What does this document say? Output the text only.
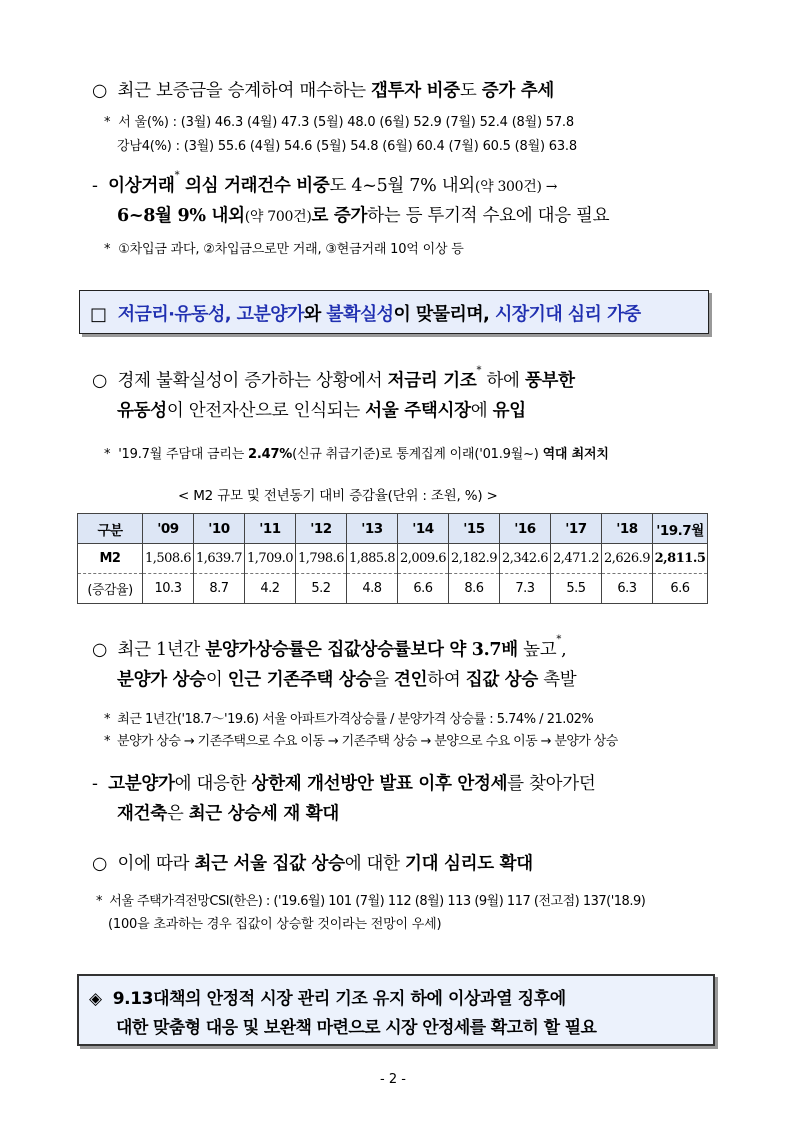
○ 최근 보증금을 승계하여 매수하는 갭투자 비중도 증가 추세
* 서 울(%) : (3월) 46.3 (4월) 47.3 (5월) 48.0 (6월) 52.9 (7월) 52.4 (8월) 57.8
강남4(%) : (3월) 55.6 (4월) 54.6 (5월) 54.8 (6월) 60.4 (7월) 60.5 (8월) 63.8
- 이상거래* 의심 거래건수 비중도 4~5월 7% 내외(약 300건) →
6~8월 9% 내외(약 700건)로 증가하는 등 투기적 수요에 대응 필요
* ①차입금 과다, ②차입금으로만 거래, ③현금거래 10억 이상 등
□ 저금리·유동성, 고분양가와 불확실성이 맞물리며, 시장기대 심리 가중
○ 경제 불확실성이 증가하는 상황에서 저금리 기조* 하에 풍부한
유동성이 안전자산으로 인식되는 서울 주택시장에 유입
* '19.7월 주담대 금리는 2.47%(신규 취급기준)로 통계집계 이래('01.9월~) 역대 최저치
< M2 규모 및 전년동기 대비 증감율(단위 : 조원, %) >
구분	'09	'10	'11	'12	'13	'14	'15	'16	'17	'18	'19.7월
M2	1,508.6	1,639.7	1,709.0	1,798.6	1,885.8	2,009.6	2,182.9	2,342.6	2,471.2	2,626.9	2,811.5
(증감율)	10.3	8.7	4.2	5.2	4.8	6.6	8.6	7.3	5.5	6.3	6.6
○ 최근 1년간 분양가상승률은 집값상승률보다 약 3.7배 높고*,
분양가 상승이 인근 기존주택 상승을 견인하여 집값 상승 촉발
* 최근 1년간('18.7～'19.6) 서울 아파트가격상승률 / 분양가격 상승률 : 5.74% / 21.02%
* 분양가 상승 → 기존주택으로 수요 이동 → 기존주택 상승 → 분양으로 수요 이동 → 분양가 상승
- 고분양가에 대응한 상한제 개선방안 발표 이후 안정세를 찾아가던
재건축은 최근 상승세 재 확대
○ 이에 따라 최근 서울 집값 상승에 대한 기대 심리도 확대
* 서울 주택가격전망CSI(한은) : ('19.6월) 101 (7월) 112 (8월) 113 (9월) 117 (전고점) 137('18.9)
(100을 초과하는 경우 집값이 상승할 것이라는 전망이 우세)
◈ 9.13대책의 안정적 시장 관리 기조 유지 하에 이상과열 징후에
대한 맞춤형 대응 및 보완책 마련으로 시장 안정세를 확고히 할 필요
- 2 -
